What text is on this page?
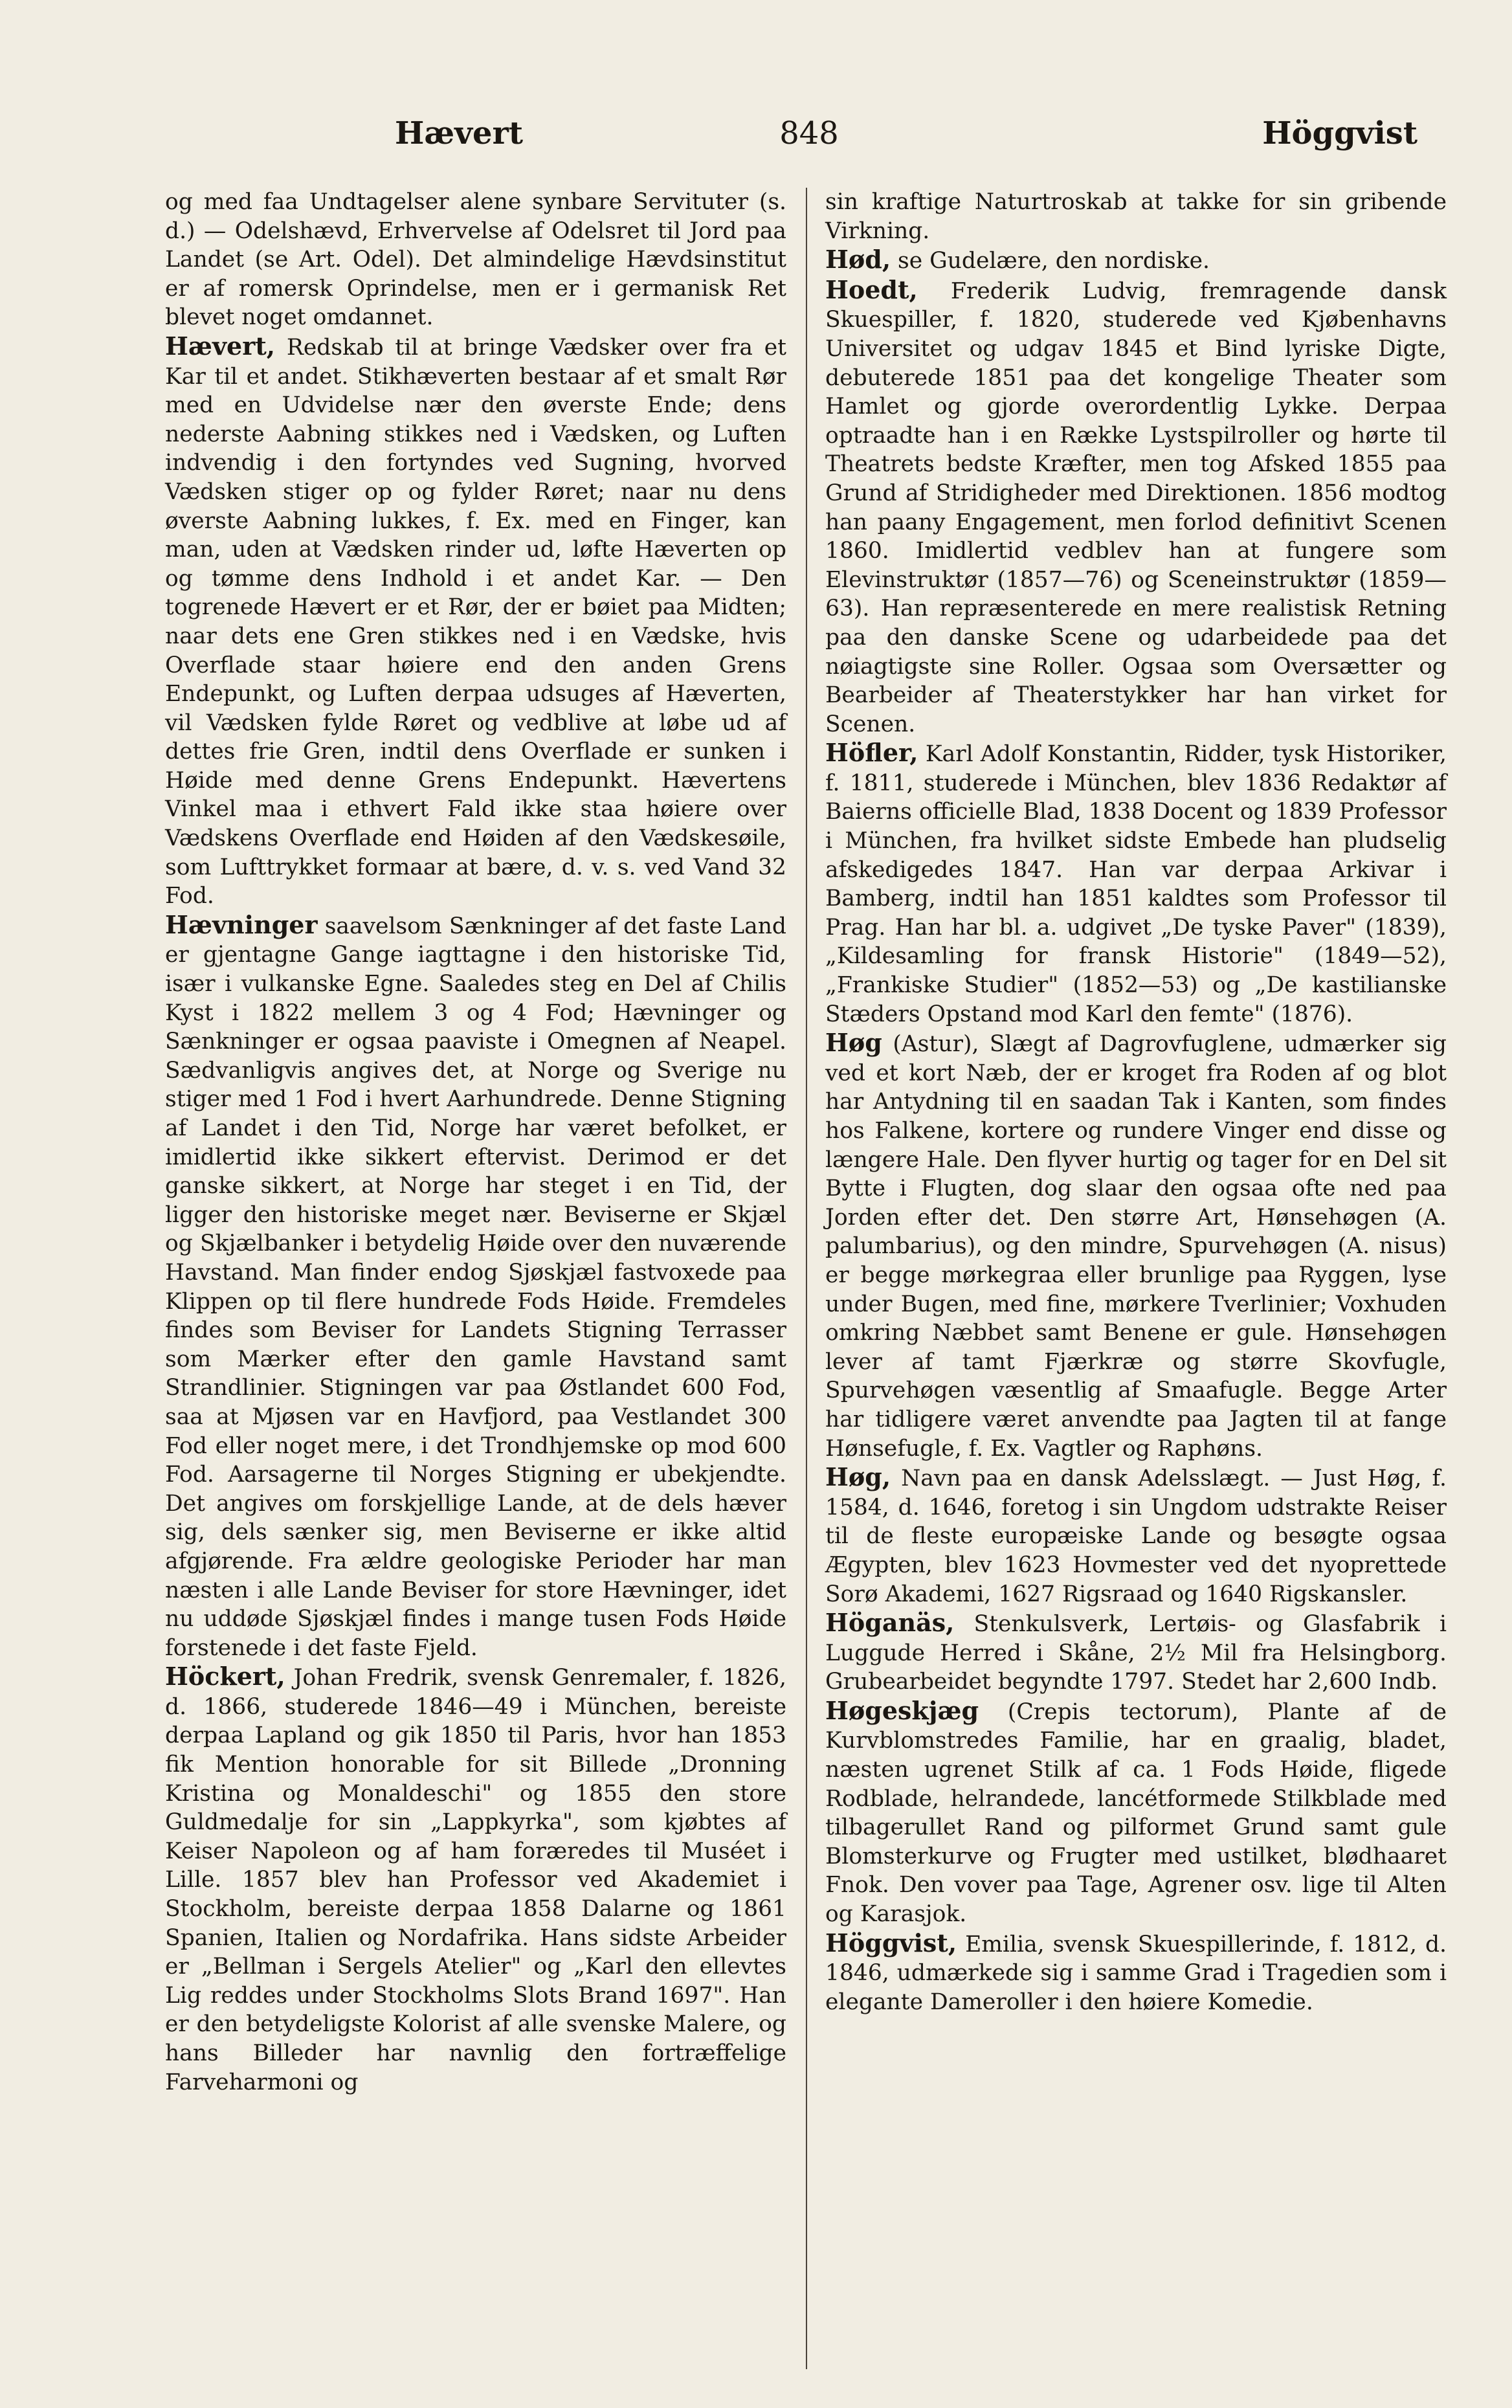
Hævert	848	Höggvist

og med faa Undtagelser alene synbare Servituter (s. d.) — Odelshævd, Erhvervelse af Odelsret til Jord paa Landet (se Art. Odel). Det almindelige Hævdsinstitut er af romersk Oprindelse, men er i germanisk Ret blevet noget omdannet.

Hævert, Redskab til at bringe Vædsker over fra et Kar til et andet. Stikhæverten bestaar af et smalt Rør med en Udvidelse nær den øverste Ende; dens nederste Aabning stikkes ned i Vædsken, og Luften indvendig i den fortyndes ved Sugning, hvorved Vædsken stiger op og fylder Røret; naar nu dens øverste Aabning lukkes, f. Ex. med en Finger, kan man, uden at Vædsken rinder ud, løfte Hæverten op og tømme dens Indhold i et andet Kar. — Den togrenede Hævert er et Rør, der er bøiet paa Midten; naar dets ene Gren stikkes ned i en Vædske, hvis Overflade staar høiere end den anden Grens Endepunkt, og Luften derpaa udsuges af Hæverten, vil Vædsken fylde Røret og vedblive at løbe ud af dettes frie Gren, indtil dens Overflade er sunken i Høide med denne Grens Endepunkt. Hævertens Vinkel maa i ethvert Fald ikke staa høiere over Vædskens Overflade end Høiden af den Vædskesøile, som Lufttrykket formaar at bære, d. v. s. ved Vand 32 Fod.

Hævninger saavelsom Sænkninger af det faste Land er gjentagne Gange iagttagne i den historiske Tid, især i vulkanske Egne. Saaledes steg en Del af Chilis Kyst i 1822 mellem 3 og 4 Fod; Hævninger og Sænkninger er ogsaa paaviste i Omegnen af Neapel. Sædvanligvis angives det, at Norge og Sverige nu stiger med 1 Fod i hvert Aarhundrede. Denne Stigning af Landet i den Tid, Norge har været befolket, er imidlertid ikke sikkert eftervist. Derimod er det ganske sikkert, at Norge har steget i en Tid, der ligger den historiske meget nær. Beviserne er Skjæl og Skjælbanker i betydelig Høide over den nuværende Havstand. Man finder endog Sjøskjæl fastvoxede paa Klippen op til flere hundrede Fods Høide. Fremdeles findes som Beviser for Landets Stigning Terrasser som Mærker efter den gamle Havstand samt Strandlinier. Stigningen var paa Østlandet 600 Fod, saa at Mjøsen var en Havfjord, paa Vestlandet 300 Fod eller noget mere, i det Trondhjemske op mod 600 Fod. Aarsagerne til Norges Stigning er ubekjendte. Det angives om forskjellige Lande, at de dels hæver sig, dels sænker sig, men Beviserne er ikke altid afgjørende. Fra ældre geologiske Perioder har man næsten i alle Lande Beviser for store Hævninger, idet nu uddøde Sjøskjæl findes i mange tusen Fods Høide forstenede i det faste Fjeld.

Höckert, Johan Fredrik, svensk Genremaler, f. 1826, d. 1866, studerede 1846—49 i München, bereiste derpaa Lapland og gik 1850 til Paris, hvor han 1853 fik Mention honorable for sit Billede „Dronning Kristina og Monaldeschi" og 1855 den store Guldmedalje for sin „Lappkyrka", som kjøbtes af Keiser Napoleon og af ham foræredes til Muséet i Lille. 1857 blev han Professor ved Akademiet i Stockholm, bereiste derpaa 1858 Dalarne og 1861 Spanien, Italien og Nordafrika. Hans sidste Arbeider er „Bellman i Sergels Atelier" og „Karl den ellevtes Lig reddes under Stockholms Slots Brand 1697". Han er den betydeligste Kolorist af alle svenske Malere, og hans Billeder har navnlig den fortræffelige Farveharmoni og

sin kraftige Naturtroskab at takke for sin gribende Virkning.

Hød, se Gudelære, den nordiske.

Hoedt, Frederik Ludvig, fremragende dansk Skuespiller, f. 1820, studerede ved Kjøbenhavns Universitet og udgav 1845 et Bind lyriske Digte, debuterede 1851 paa det kongelige Theater som Hamlet og gjorde overordentlig Lykke. Derpaa optraadte han i en Række Lystspilroller og hørte til Theatrets bedste Kræfter, men tog Afsked 1855 paa Grund af Stridigheder med Direktionen. 1856 modtog han paany Engagement, men forlod definitivt Scenen 1860. Imidlertid vedblev han at fungere som Elevinstruktør (1857—76) og Sceneinstruktør (1859—63). Han repræsenterede en mere realistisk Retning paa den danske Scene og udarbeidede paa det nøiagtigste sine Roller. Ogsaa som Oversætter og Bearbeider af Theaterstykker har han virket for Scenen.

Höfler, Karl Adolf Konstantin, Ridder, tysk Historiker, f. 1811, studerede i München, blev 1836 Redaktør af Baierns officielle Blad, 1838 Docent og 1839 Professor i München, fra hvilket sidste Embede han pludselig afskedigedes 1847. Han var derpaa Arkivar i Bamberg, indtil han 1851 kaldtes som Professor til Prag. Han har bl. a. udgivet „De tyske Paver" (1839), „Kildesamling for fransk Historie" (1849—52), „Frankiske Studier" (1852—53) og „De kastilianske Stæders Opstand mod Karl den femte" (1876).

Høg (Astur), Slægt af Dagrovfuglene, udmærker sig ved et kort Næb, der er kroget fra Roden af og blot har Antydning til en saadan Tak i Kanten, som findes hos Falkene, kortere og rundere Vinger end disse og længere Hale. Den flyver hurtig og tager for en Del sit Bytte i Flugten, dog slaar den ogsaa ofte ned paa Jorden efter det. Den større Art, Hønsehøgen (A. palumbarius), og den mindre, Spurvehøgen (A. nisus) er begge mørkegraa eller brunlige paa Ryggen, lyse under Bugen, med fine, mørkere Tverlinier; Voxhuden omkring Næbbet samt Benene er gule. Hønsehøgen lever af tamt Fjærkræ og større Skovfugle, Spurvehøgen væsentlig af Smaafugle. Begge Arter har tidligere været anvendte paa Jagten til at fange Hønsefugle, f. Ex. Vagtler og Raphøns.

Høg, Navn paa en dansk Adelsslægt. — Just Høg, f. 1584, d. 1646, foretog i sin Ungdom udstrakte Reiser til de fleste europæiske Lande og besøgte ogsaa Ægypten, blev 1623 Hovmester ved det nyoprettede Sorø Akademi, 1627 Rigsraad og 1640 Rigskansler.

Höganäs, Stenkulsverk, Lertøis- og Glasfabrik i Luggude Herred i Skåne, 2½ Mil fra Helsingborg. Grubearbeidet begyndte 1797. Stedet har 2,600 Indb.

Høgeskjæg (Crepis tectorum), Plante af de Kurvblomstredes Familie, har en graalig, bladet, næsten ugrenet Stilk af ca. 1 Fods Høide, fligede Rodblade, helrandede, lancétformede Stilkblade med tilbagerullet Rand og pilformet Grund samt gule Blomsterkurve og Frugter med ustilket, blødhaaret Fnok. Den vover paa Tage, Agrener osv. lige til Alten og Karasjok.

Höggvist, Emilia, svensk Skuespillerinde, f. 1812, d. 1846, udmærkede sig i samme Grad i Tragedien som i elegante Dameroller i den høiere Komedie.
